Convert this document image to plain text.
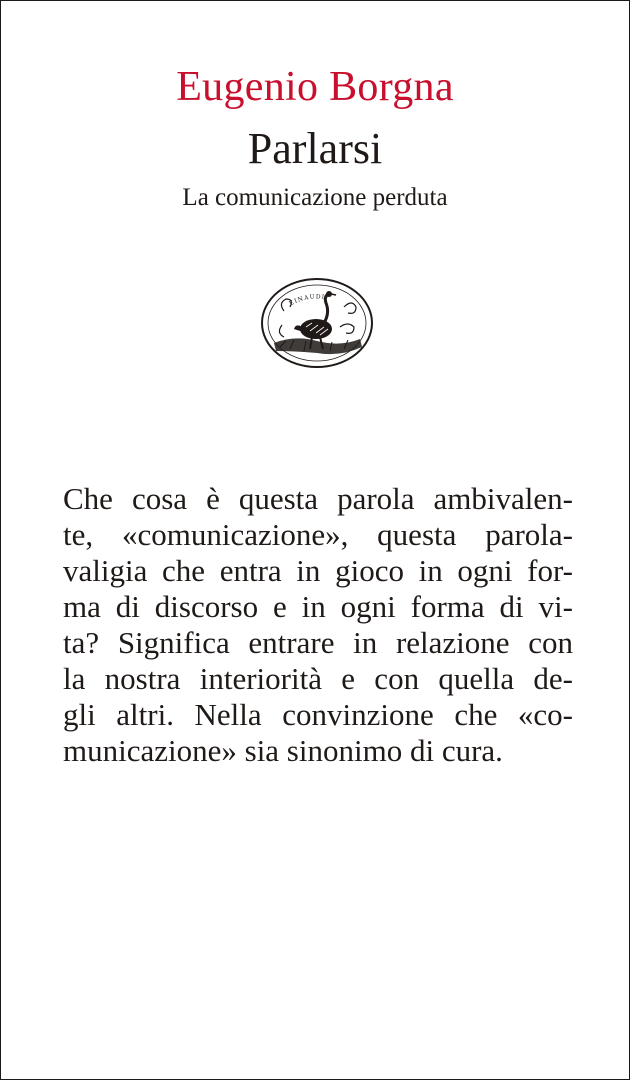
Eugenio Borgna
Parlarsi
La comunicazione perduta
EINAUDI

Che cosa è questa parola ambivalen-
te, «comunicazione», questa parola-
valigia che entra in gioco in ogni for-
ma di discorso e in ogni forma di vi-
ta? Significa entrare in relazione con
la nostra interiorità e con quella de-
gli altri. Nella convinzione che «co-
municazione» sia sinonimo di cura.
